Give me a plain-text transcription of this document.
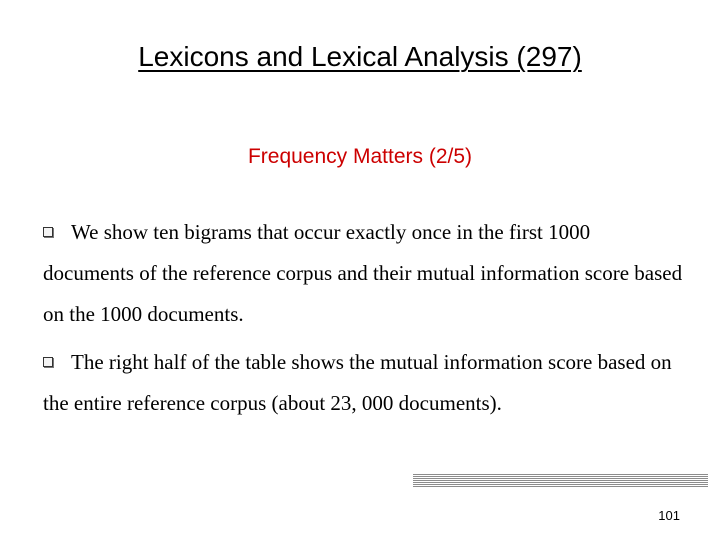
Lexicons and Lexical Analysis (297)
Frequency Matters (2/5)
We show ten bigrams that occur exactly once in the first 1000 documents of the reference corpus and their mutual information score based on the 1000 documents.
The right half of the table shows the mutual information score based on the entire reference corpus (about 23, 000 documents).
101
